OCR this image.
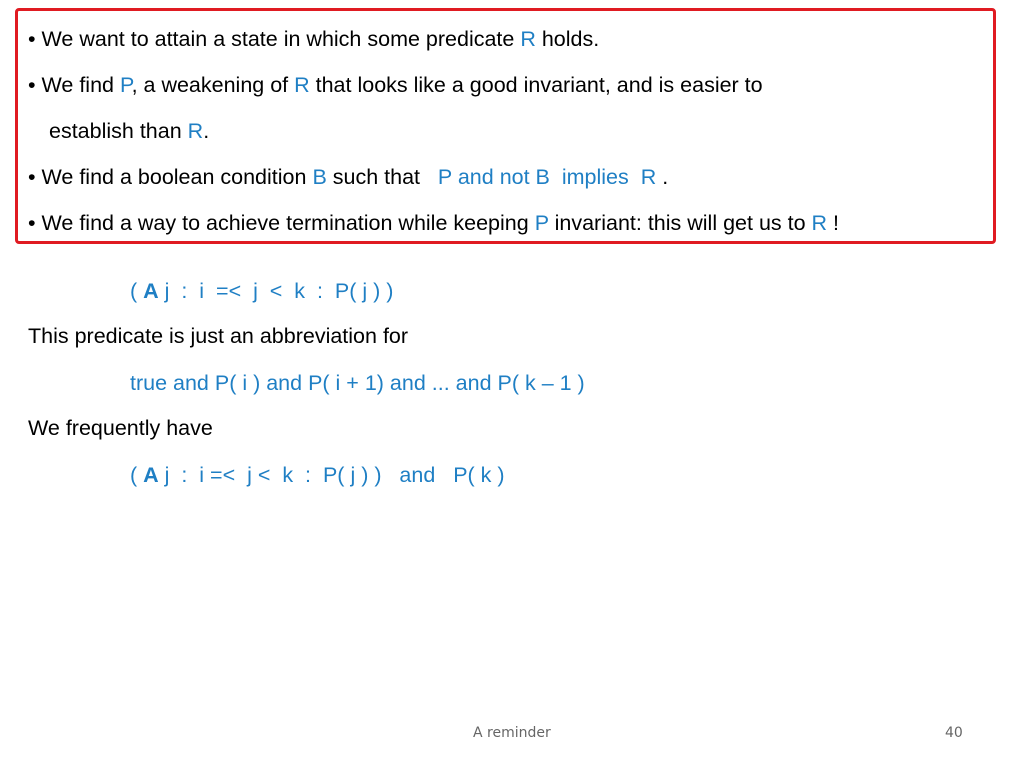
• We want to attain a state in which some predicate R holds.
• We find P, a weakening of R that looks like a good invariant, and is easier to
establish than R.
• We find a boolean condition B such that   P and not B  implies  R .
• We find a way to achieve termination while keeping P invariant: this will get us to R !
( A j  :  i  =<  j  <  k  :  P( j ) )
This predicate is just an abbreviation for
true and P( i ) and P( i + 1) and ... and P( k – 1 )
We frequently have
( A j  :  i =<  j <  k  :  P( j ) )   and   P( k )
A reminder	40
